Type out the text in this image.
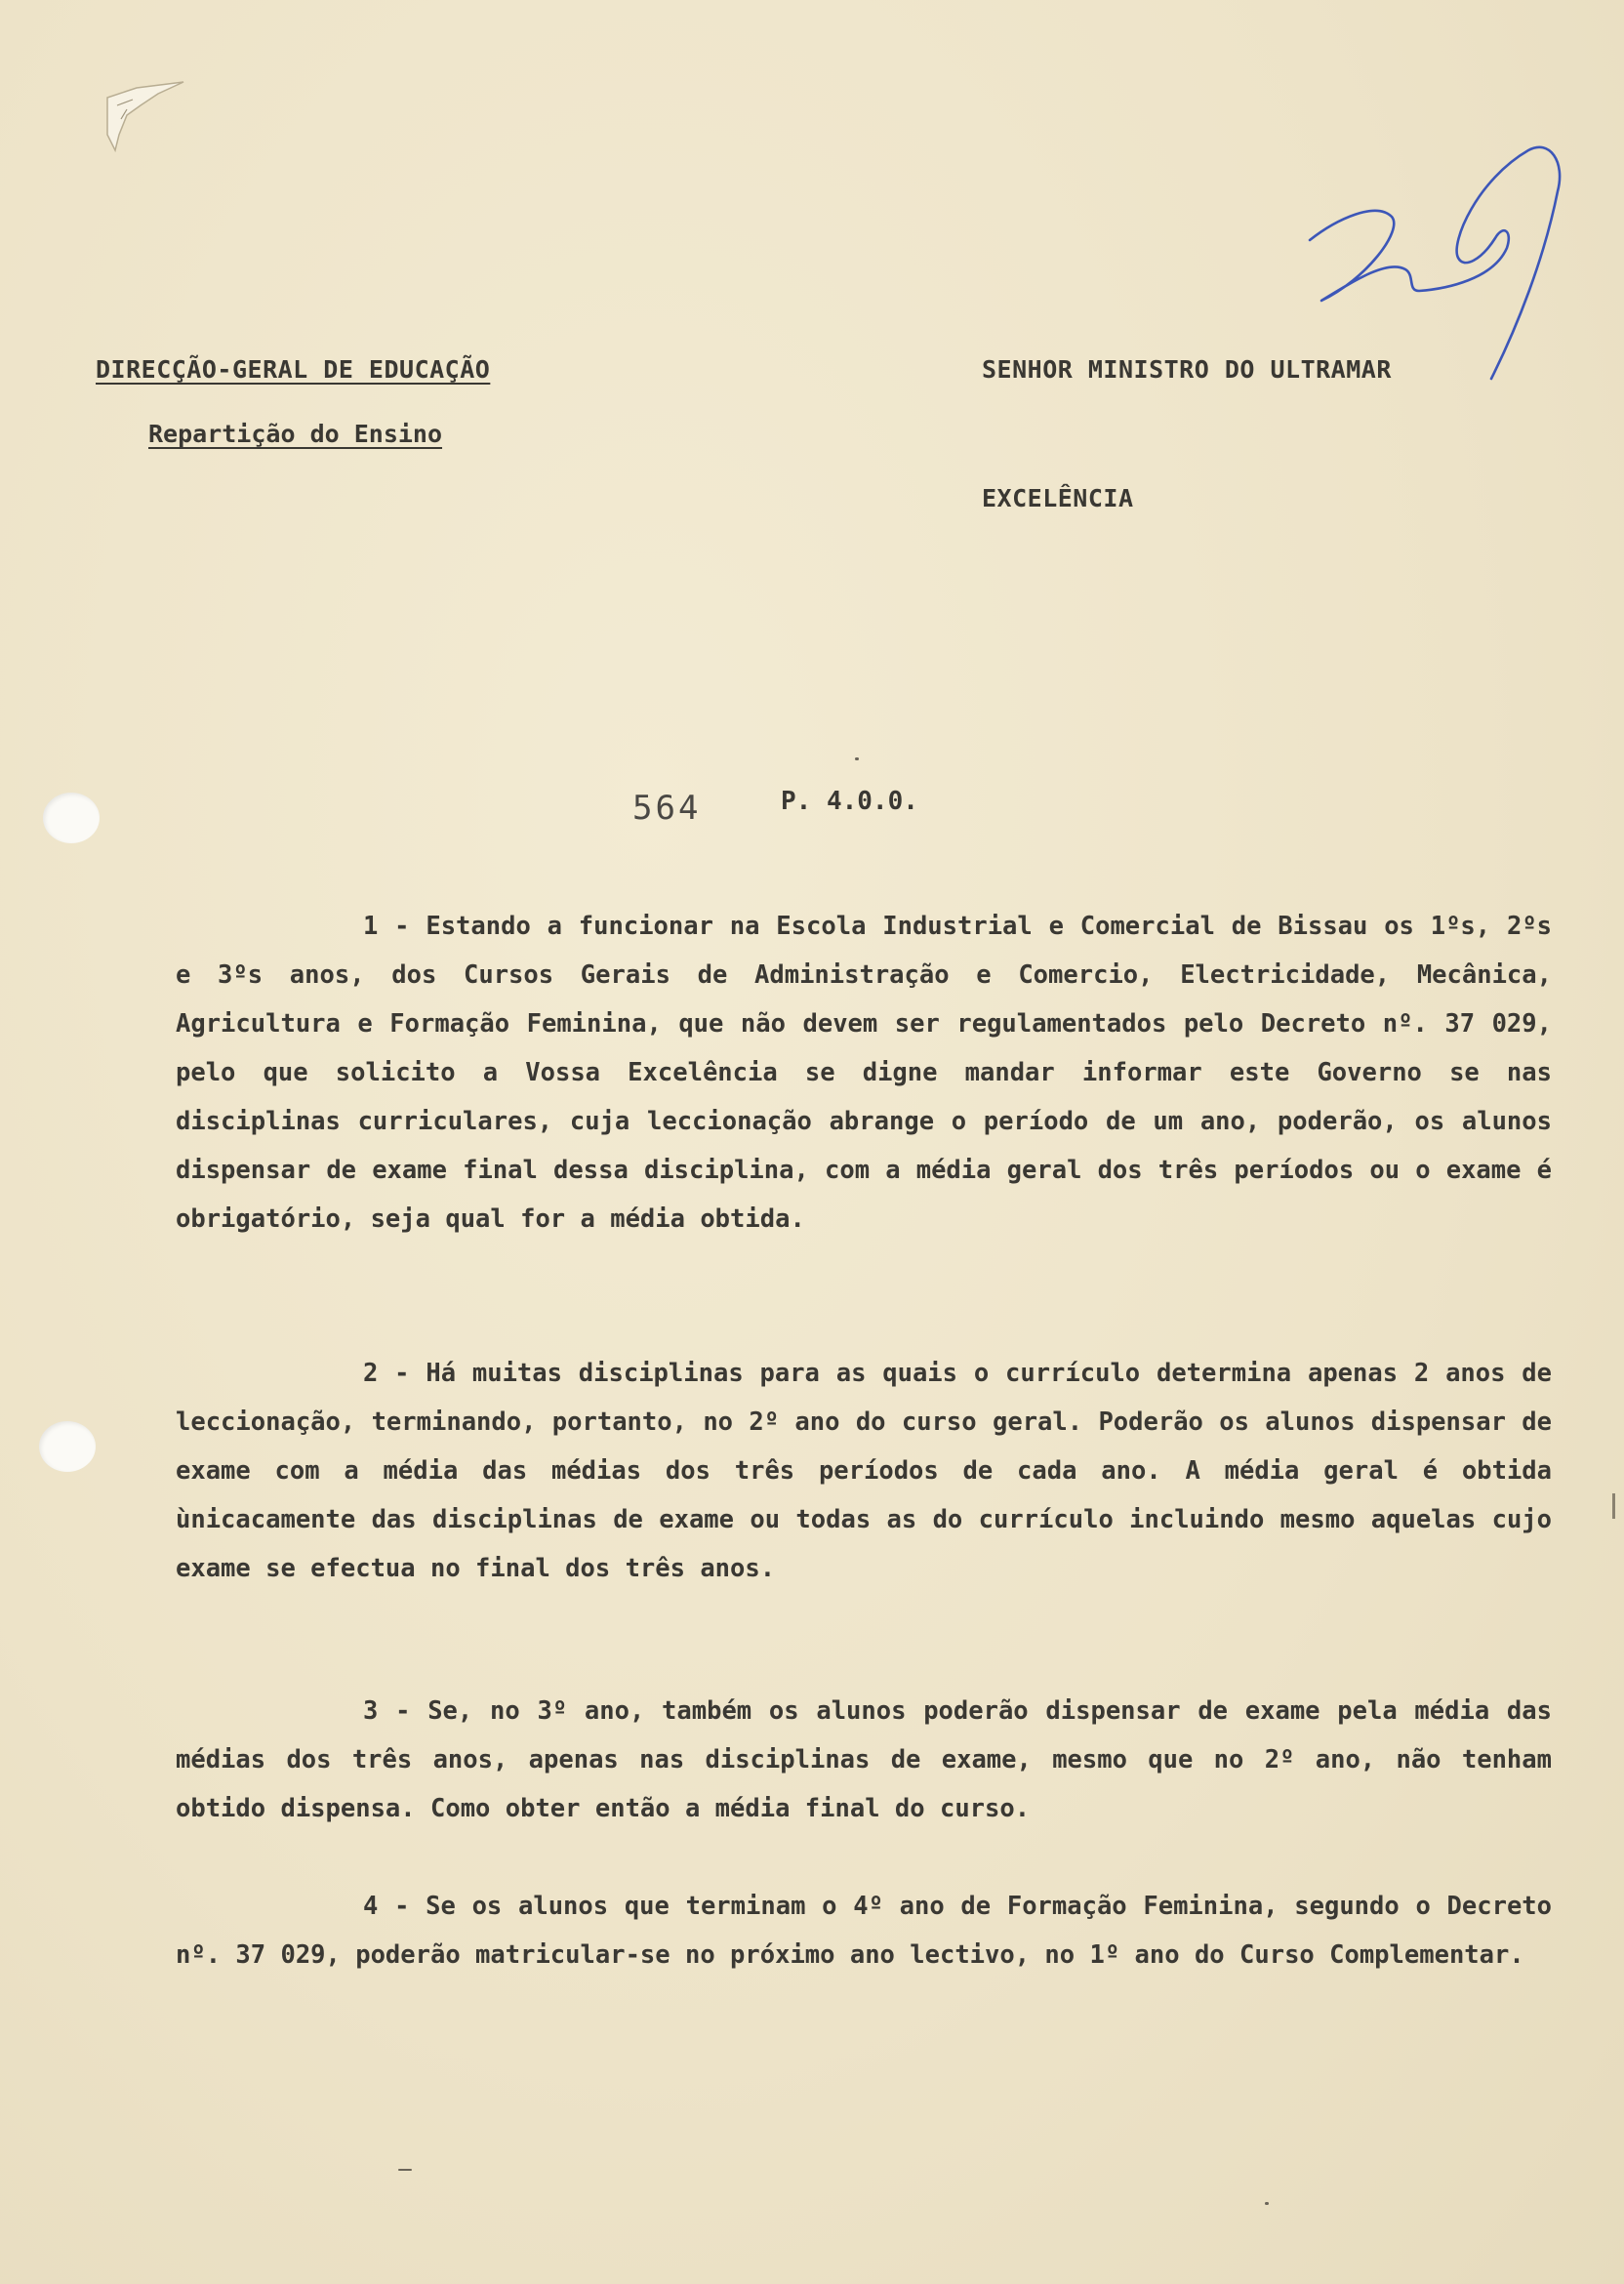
DIRECÇÃO-GERAL DE EDUCAÇÃO
Repartição do Ensino
SENHOR MINISTRO DO ULTRAMAR
EXCELÊNCIA
564	P. 4.0.0.

1 - Estando a funcionar na Escola Industrial e Comercial de Bissau os 1ºs, 2ºs e 3ºs anos, dos Cursos Gerais de Administração e Comercio, Electricidade, Mecânica, Agricultura e Formação Feminina, que não devem ser regulamentados pelo Decreto nº. 37 029, pelo que solicito a Vossa Excelência se digne mandar informar este Governo se nas disciplinas curriculares, cuja leccionação abrange o período de um ano, poderão, os alunos dispensar de exame final dessa disciplina, com a média geral dos três períodos ou o exame é obrigatório, seja qual for a média obtida.

2 - Há muitas disciplinas para as quais o currículo determina apenas 2 anos de leccionação, terminando, portanto, no 2º ano do curso geral. Poderão os alunos dispensar de exame com a média das médias dos três períodos de cada ano. A média geral é obtida ùnicacamente das disciplinas de exame ou todas as do currículo incluindo mesmo aquelas cujo exame se efectua no final dos três anos.

3 - Se, no 3º ano, também os alunos poderão dispensar de exame pela média das médias dos três anos, apenas nas disciplinas de exame, mesmo que no 2º ano, não tenham obtido dispensa. Como obter então a média final do curso.

4 - Se os alunos que terminam o 4º ano de Formação Feminina, segundo o Decreto nº. 37 029, poderão matricular-se no próximo ano lectivo, no 1º ano do Curso Complementar.
